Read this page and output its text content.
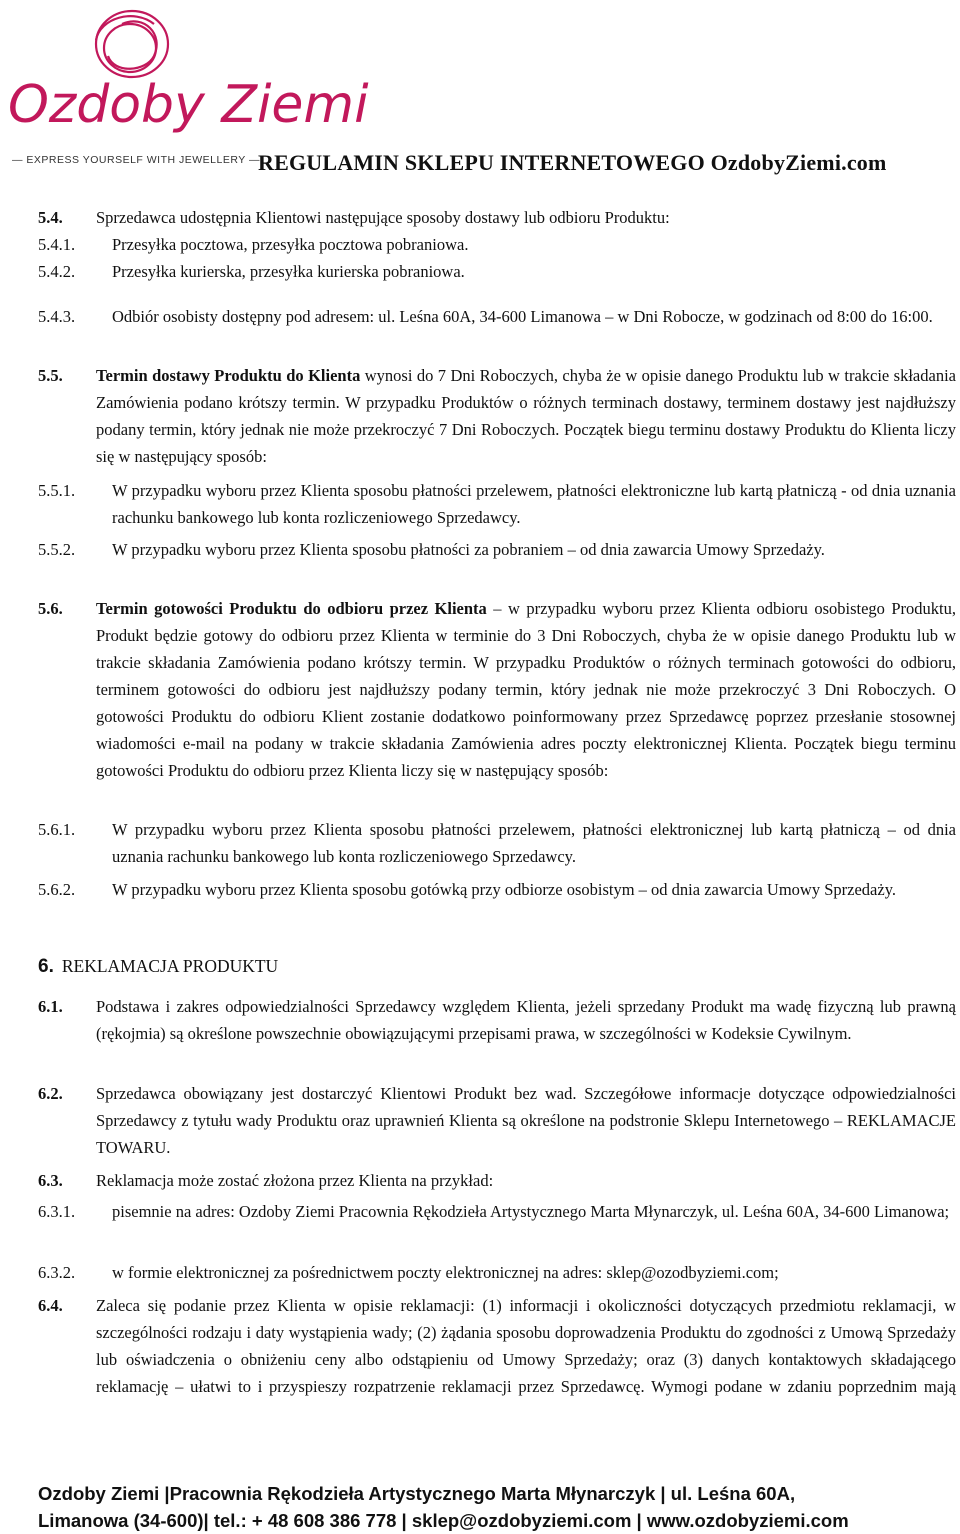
Ozdoby Ziemi
— EXPRESS YOURSELF WITH JEWELLERY —
REGULAMIN SKLEPU INTERNETOWEGO OzdobyZiemi.com
5.4. Sprzedawca udostępnia Klientowi następujące sposoby dostawy lub odbioru Produktu:
5.4.1. Przesyłka pocztowa, przesyłka pocztowa pobraniowa.
5.4.2. Przesyłka kurierska, przesyłka kurierska pobraniowa.
5.4.3. Odbiór osobisty dostępny pod adresem: ul. Leśna 60A, 34-600 Limanowa – w Dni Robocze, w godzinach od 8:00 do 16:00.
5.5. Termin dostawy Produktu do Klienta wynosi do 7 Dni Roboczych, chyba że w opisie danego Produktu lub w trakcie składania Zamówienia podano krótszy termin. W przypadku Produktów o różnych terminach dostawy, terminem dostawy jest najdłuższy podany termin, który jednak nie może przekroczyć 7 Dni Roboczych. Początek biegu terminu dostawy Produktu do Klienta liczy się w następujący sposób:
5.5.1. W przypadku wyboru przez Klienta sposobu płatności przelewem, płatności elektroniczne lub kartą płatniczą - od dnia uznania rachunku bankowego lub konta rozliczeniowego Sprzedawcy.
5.5.2. W przypadku wyboru przez Klienta sposobu płatności za pobraniem – od dnia zawarcia Umowy Sprzedaży.
5.6. Termin gotowości Produktu do odbioru przez Klienta – w przypadku wyboru przez Klienta odbioru osobistego Produktu, Produkt będzie gotowy do odbioru przez Klienta w terminie do 3 Dni Roboczych, chyba że w opisie danego Produktu lub w trakcie składania Zamówienia podano krótszy termin. W przypadku Produktów o różnych terminach gotowości do odbioru, terminem gotowości do odbioru jest najdłuższy podany termin, który jednak nie może przekroczyć 3 Dni Roboczych. O gotowości Produktu do odbioru Klient zostanie dodatkowo poinformowany przez Sprzedawcę poprzez przesłanie stosownej wiadomości e-mail na podany w trakcie składania Zamówienia adres poczty elektronicznej Klienta. Początek biegu terminu gotowości Produktu do odbioru przez Klienta liczy się w następujący sposób:
5.6.1. W przypadku wyboru przez Klienta sposobu płatności przelewem, płatności elektronicznej lub kartą płatniczą – od dnia uznania rachunku bankowego lub konta rozliczeniowego Sprzedawcy.
5.6.2. W przypadku wyboru przez Klienta sposobu gotówką przy odbiorze osobistym – od dnia zawarcia Umowy Sprzedaży.
6. REKLAMACJA PRODUKTU
6.1. Podstawa i zakres odpowiedzialności Sprzedawcy względem Klienta, jeżeli sprzedany Produkt ma wadę fizyczną lub prawną (rękojmia) są określone powszechnie obowiązującymi przepisami prawa, w szczególności w Kodeksie Cywilnym.
6.2. Sprzedawca obowiązany jest dostarczyć Klientowi Produkt bez wad. Szczegółowe informacje dotyczące odpowiedzialności Sprzedawcy z tytułu wady Produktu oraz uprawnień Klienta są określone na podstronie Sklepu Internetowego – REKLAMACJE TOWARU.
6.3. Reklamacja może zostać złożona przez Klienta na przykład:
6.3.1. pisemnie na adres: Ozdoby Ziemi Pracownia Rękodzieła Artystycznego Marta Młynarczyk, ul. Leśna 60A, 34-600 Limanowa;
6.3.2. w formie elektronicznej za pośrednictwem poczty elektronicznej na adres: sklep@ozodbyziemi.com;
6.4. Zaleca się podanie przez Klienta w opisie reklamacji: (1) informacji i okoliczności dotyczących przedmiotu reklamacji, w szczególności rodzaju i daty wystąpienia wady; (2) żądania sposobu doprowadzenia Produktu do zgodności z Umową Sprzedaży lub oświadczenia o obniżeniu ceny albo odstąpieniu od Umowy Sprzedaży; oraz (3) danych kontaktowych składającego reklamację – ułatwi to i przyspieszy rozpatrzenie reklamacji przez Sprzedawcę. Wymogi podane w zdaniu poprzednim mają
Ozdoby Ziemi |Pracownia Rękodzieła Artystycznego Marta Młynarczyk | ul. Leśna 60A,
Limanowa (34-600)| tel.: + 48 608 386 778 | sklep@ozdobyziemi.com | www.ozdobyziemi.com
